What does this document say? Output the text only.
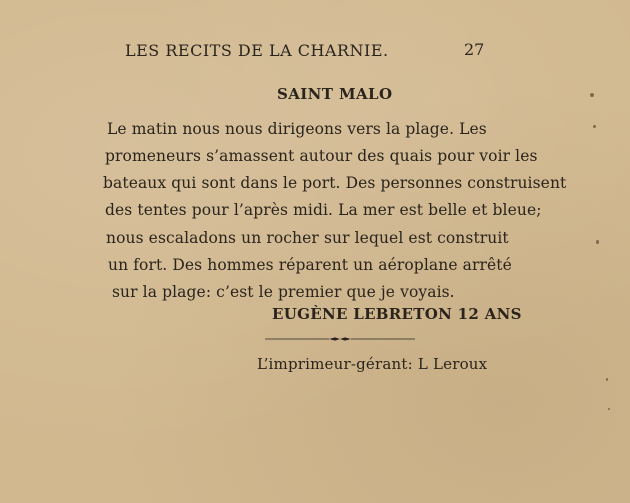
LES RECITS DE LA CHARNIE.	27
SAINT MALO
Le matin nous nous dirigeons vers la plage. Les
promeneurs s’amassent autour des quais pour voir les
bateaux qui sont dans le port. Des personnes construisent
des tentes pour l’après midi. La mer est belle et bleue;
nous escaladons un rocher sur lequel est construit
un fort. Des hommes réparent un aéroplane arrêté
sur la plage: c’est le premier que je voyais.
EUGÈNE LEBRETON 12 ANS
L’imprimeur-gérant: L Leroux
